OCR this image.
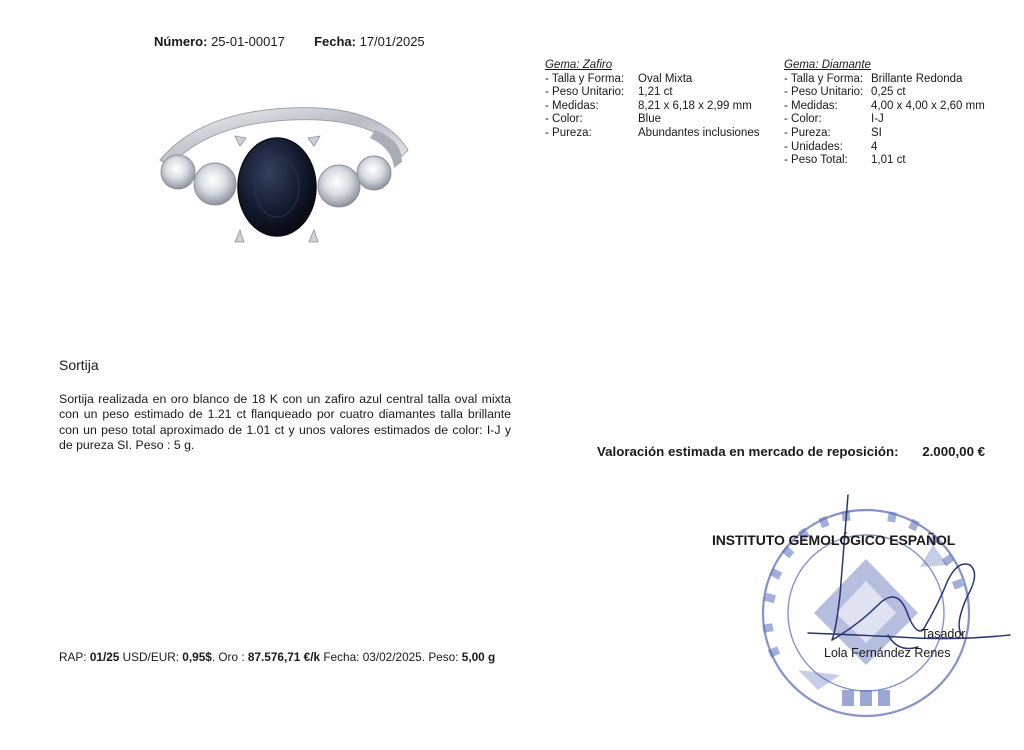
Número: 25-01-00017 Fecha: 17/01/2025
Gema: Zafiro
- Talla y Forma:	Oval Mixta
- Peso Unitario:	1,21 ct
- Medidas:	8,21 x 6,18 x 2,99 mm
- Color:	Blue
- Pureza:	Abundantes inclusiones
Gema: Diamante
- Talla y Forma: Brillante Redonda
- Peso Unitario: 0,25 ct
- Medidas:	4,00 x 4,00 x 2,60 mm
- Color:	I-J
- Pureza:	SI
- Unidades:	4
- Peso Total:	1,01 ct
Sortija
Sortija realizada en oro blanco de 18 K con un zafiro azul central talla oval mixta con un peso estimado de 1.21 ct flanqueado por cuatro diamantes talla brillante con un peso total aproximado de 1.01 ct y unos valores estimados de color: I-J y de pureza SI. Peso : 5 g.	Valoración estimada en mercado de reposición: 2.000,00 €
INSTITUTO GEMOLÓGICO ESPAÑOL
Tasador
Lola Fernández Renes
RAP: 01/25 USD/EUR: 0,95$. Oro : 87.576,71 €/k Fecha: 03/02/2025. Peso: 5,00 g
